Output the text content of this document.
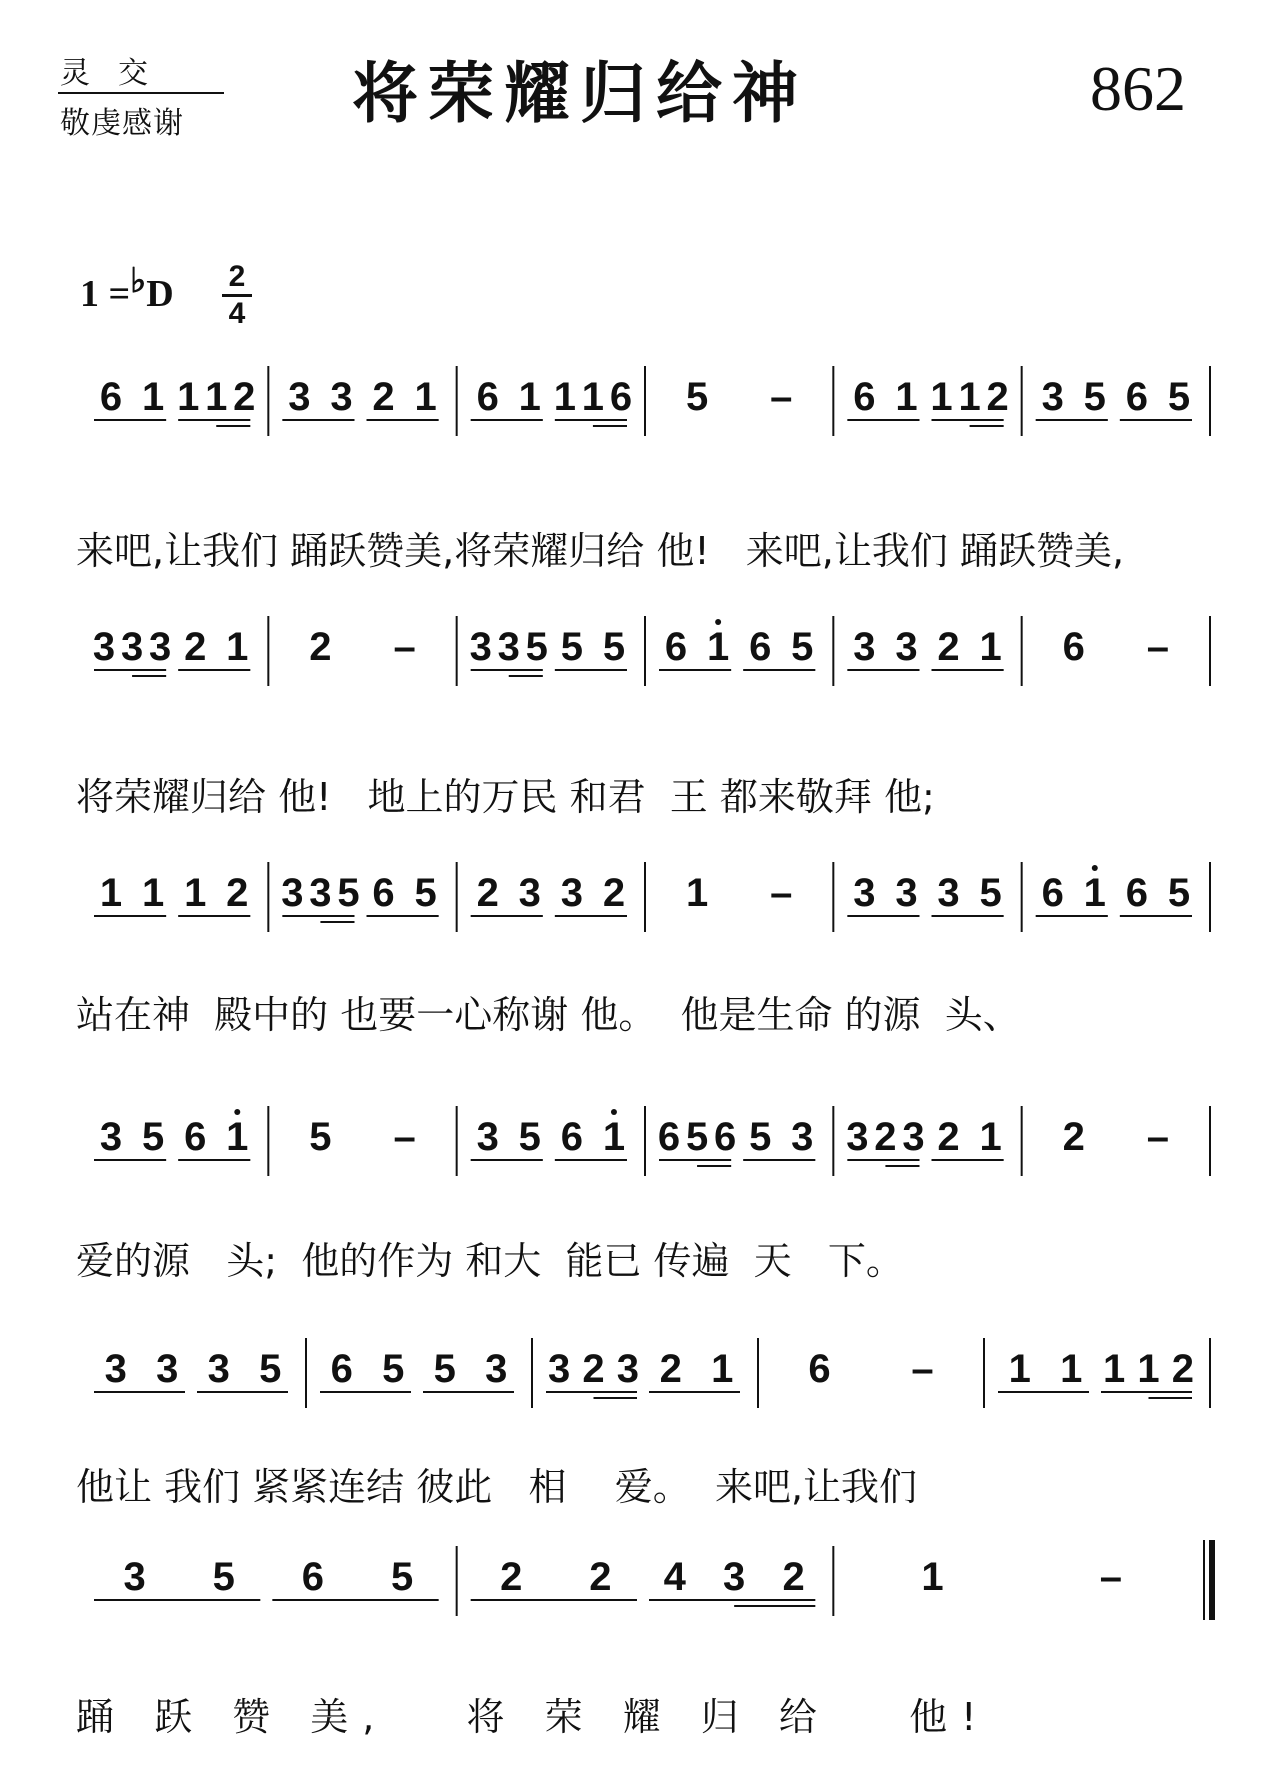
灵交
敬虔感谢	将荣耀归给神	862
1 =♭D 2
4
来吧,让我们 踊跃赞美,将荣耀归给 他!   来吧,让我们 踊跃赞美,
将荣耀归给 他!   地上的万民 和君  王 都来敬拜 他;
站在神  殿中的 也要一心称谢 他。  他是生命 的源  头、
爱的源   头;  他的作为 和大  能已 传遍  天   下。
他让 我们 紧紧连结 彼此   相    爱。  来吧,让我们
踊 跃 赞 美,   将 荣 耀 归 给   他!
6 1 1 1 2 3 3 2 1 6 1 1 1 6 5 – 6 1 1 1 2 3 5 6 5
3 3 3 2 1 2 – 3 3 5 5 5 6 1 6 5 3 3 2 1 6 –
1 1 1 2 3 3 5 6 5 2 3 3 2 1 – 3 3 3 5 6 1 6 5
3 5 6 1 5 – 3 5 6 1 6 5 6 5 3 3 2 3 2 1 2 –
3 3 3 5 6 5 5 3 3 2 3 2 1 6 – 1 1 1 1 2
3 5 6 5 2 2 4 3 2	1	–
